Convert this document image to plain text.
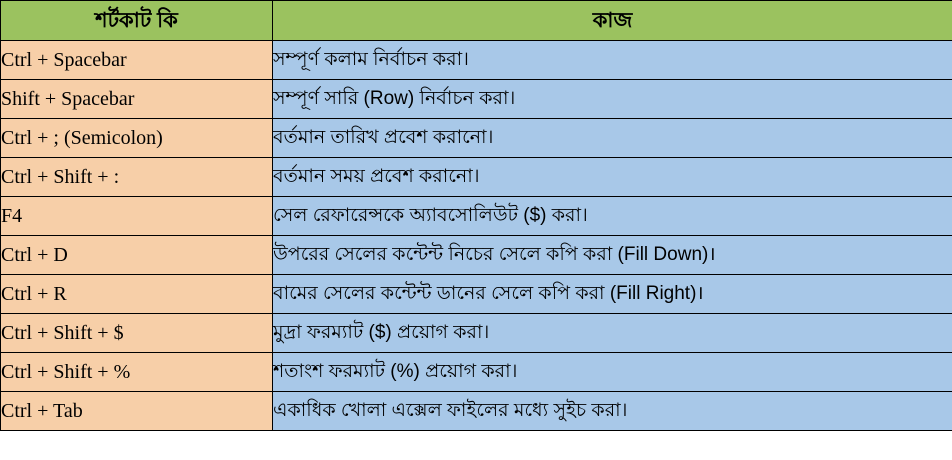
শর্টকাট কি	কাজ
Ctrl + Spacebar	সম্পূর্ণ কলাম নির্বাচন করা।
Shift + Spacebar	সম্পূর্ণ সারি (Row) নির্বাচন করা।
Ctrl + ; (Semicolon)	বর্তমান তারিখ প্রবেশ করানো।
Ctrl + Shift + :	বর্তমান সময় প্রবেশ করানো।
F4	সেল রেফারেন্সকে অ্যাবসোলিউট ($) করা।
Ctrl + D	উপরের সেলের কন্টেন্ট নিচের সেলে কপি করা (Fill Down)।
Ctrl + R	বামের সেলের কন্টেন্ট ডানের সেলে কপি করা (Fill Right)।
Ctrl + Shift + $	মুদ্রা ফরম্যাট ($) প্রয়োগ করা।
Ctrl + Shift + %	শতাংশ ফরম্যাট (%) প্রয়োগ করা।
Ctrl + Tab	একাধিক খোলা এক্সেল ফাইলের মধ্যে সুইচ করা।
